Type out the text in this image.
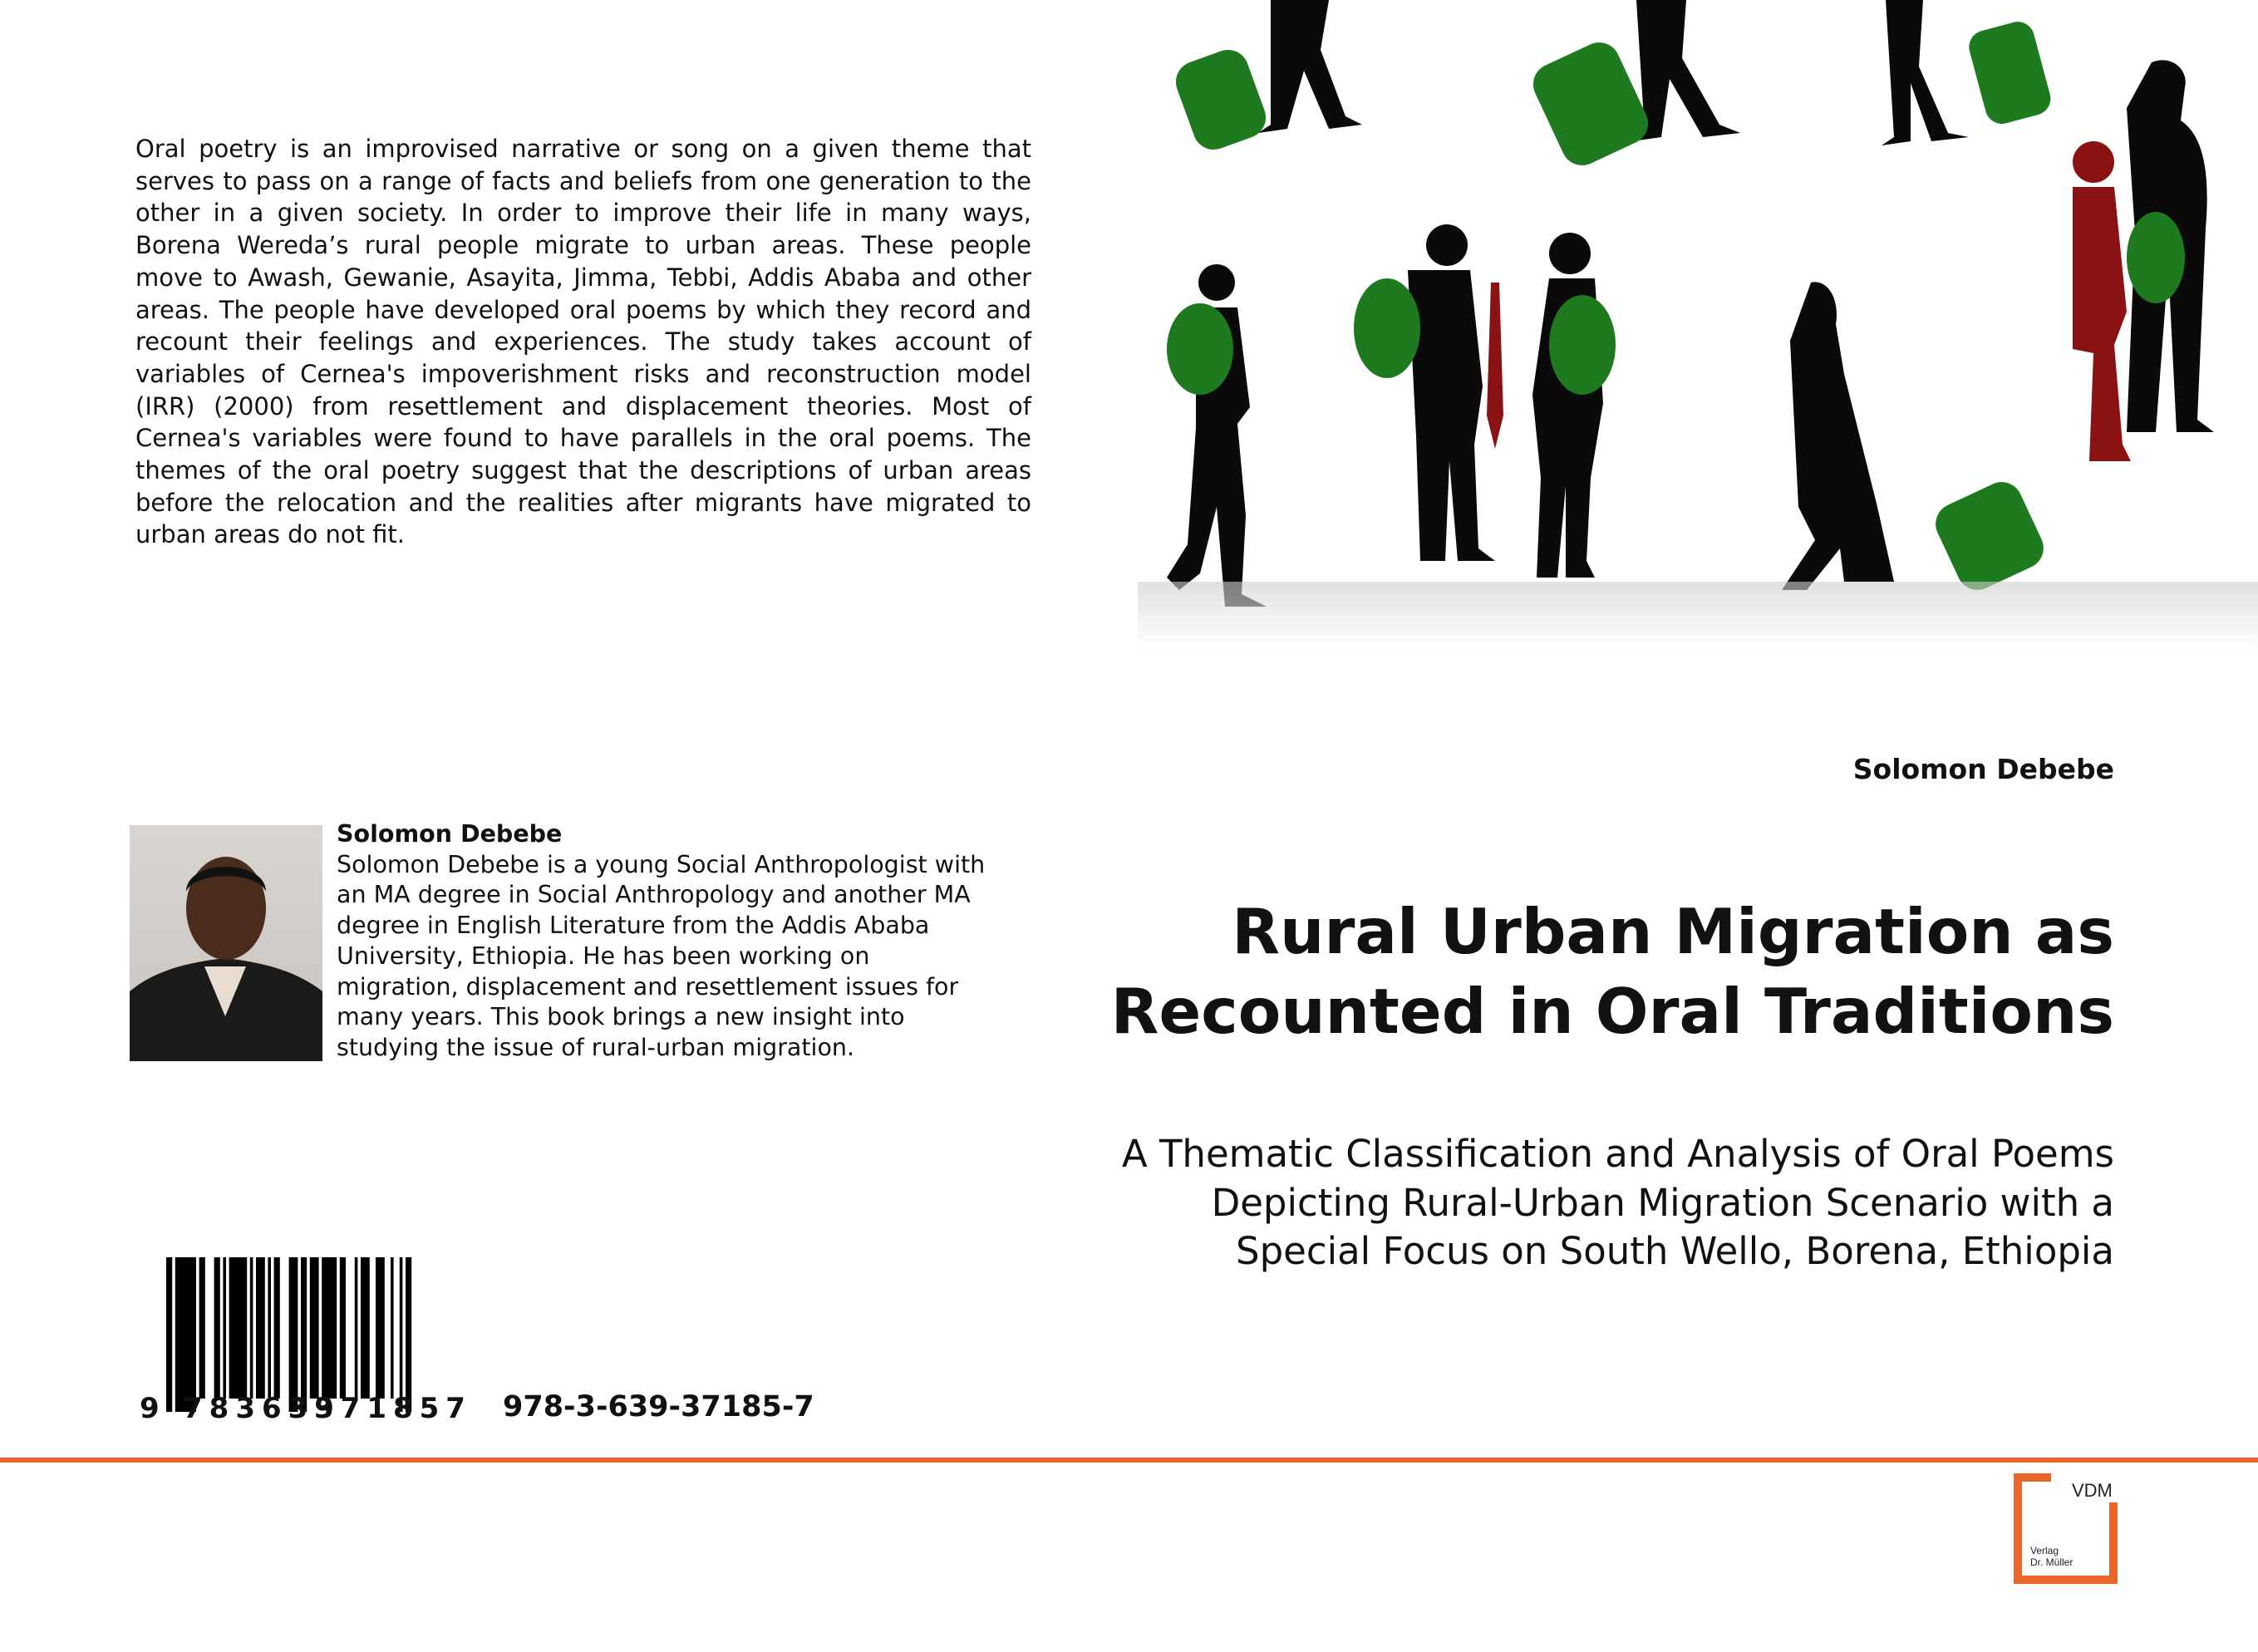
Oral poetry is an improvised narrative or song on a given theme that serves to pass on a range of facts and beliefs from one generation to the other in a given society. In order to improve their life in many ways, Borena Wereda’s rural people migrate to urban areas. These people move to Awash, Gewanie, Asayita, Jimma, Tebbi, Addis Ababa and other areas. The people have developed oral poems by which they record and recount their feelings and experiences. The study takes account of variables of Cernea's impoverishment risks and reconstruction model (IRR) (2000) from resettlement and displacement theories. Most of Cernea's variables were found to have parallels in the oral poems. The themes of the oral poetry suggest that the descriptions of urban areas before the relocation and the realities after migrants have migrated to urban areas do not fit.
Solomon Debebe
Solomon Debebe
Solomon Debebe is a young Social Anthropologist with an MA degree in Social Anthropology and another MA degree in English Literature from the Addis Ababa University, Ethiopia. He has been working on migration, displacement and resettlement issues for many years. This book brings a new insight into studying the issue of rural-urban migration.
Rural Urban Migration as Recounted in Oral Traditions
A Thematic Classification and Analysis of Oral Poems Depicting Rural-Urban Migration Scenario with a Special Focus on South Wello, Borena, Ethiopia
9 783639
371857 978-3-639-37185-7
VDM
Verlag
Dr. Müller
